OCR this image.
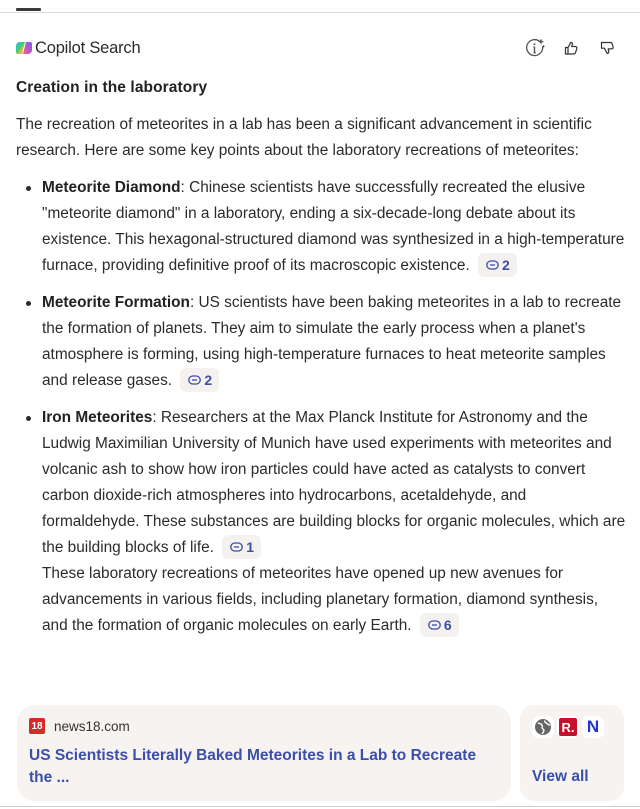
Copilot Search
Creation in the laboratory

The recreation of meteorites in a lab has been a significant advancement in scientific research. Here are some key points about the laboratory recreations of meteorites:

Meteorite Diamond: Chinese scientists have successfully recreated the elusive "meteorite diamond" in a laboratory, ending a six-decade-long debate about its existence. This hexagonal-structured diamond was synthesized in a high-temperature furnace, providing definitive proof of its macroscopic existence. 2
Meteorite Formation: US scientists have been baking meteorites in a lab to recreate the formation of planets. They aim to simulate the early process when a planet's atmosphere is forming, using high-temperature furnaces to heat meteorite samples and release gases. 2
Iron Meteorites: Researchers at the Max Planck Institute for Astronomy and the Ludwig Maximilian University of Munich have used experiments with meteorites and volcanic ash to show how iron particles could have acted as catalysts to convert carbon dioxide-rich atmospheres into hydrocarbons, acetaldehyde, and formaldehyde. These substances are building blocks for organic molecules, which are the building blocks of life. 1

These laboratory recreations of meteorites have opened up new avenues for advancements in various fields, including planetary formation, diamond synthesis, and the formation of organic molecules on early Earth. 6

18 news18.com
US Scientists Literally Baked Meteorites in a Lab to Recreate the ...
R. N
View all
